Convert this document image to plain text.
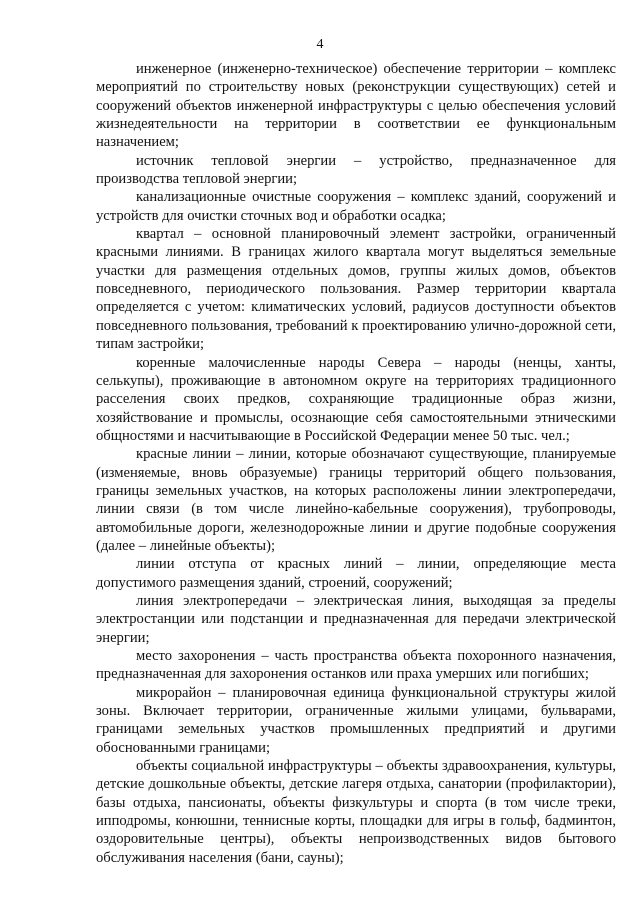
4

инженерное (инженерно-техническое) обеспечение территории – комплекс мероприятий по строительству новых (реконструкции существующих) сетей и сооружений объектов инженерной инфраструктуры с целью обеспечения условий жизнедеятельности на территории в соответствии ее функциональным назначением;

источник тепловой энергии – устройство, предназначенное для производства тепловой энергии;

канализационные очистные сооружения – комплекс зданий, сооружений и устройств для очистки сточных вод и обработки осадка;

квартал – основной планировочный элемент застройки, ограниченный красными линиями. В границах жилого квартала могут выделяться земельные участки для размещения отдельных домов, группы жилых домов, объектов повседневного, периодического пользования. Размер территории квартала определяется с учетом: климатических условий, радиусов доступности объектов повседневного пользования, требований к проектированию улично-дорожной сети, типам застройки;

коренные малочисленные народы Севера – народы (ненцы, ханты, селькупы), проживающие в автономном округе на территориях традиционного расселения своих предков, сохраняющие традиционные образ жизни, хозяйствование и промыслы, осознающие себя самостоятельными этническими общностями и насчитывающие в Российской Федерации менее 50 тыс. чел.;

красные линии – линии, которые обозначают существующие, планируемые (изменяемые, вновь образуемые) границы территорий общего пользования, границы земельных участков, на которых расположены линии электропередачи, линии связи (в том числе линейно-кабельные сооружения), трубопроводы, автомобильные дороги, железнодорожные линии и другие подобные сооружения (далее – линейные объекты);

линии отступа от красных линий – линии, определяющие места допустимого размещения зданий, строений, сооружений;

линия электропередачи – электрическая линия, выходящая за пределы электростанции или подстанции и предназначенная для передачи электрической энергии;

место захоронения – часть пространства объекта похоронного назначения, предназначенная для захоронения останков или праха умерших или погибших;

микрорайон – планировочная единица функциональной структуры жилой зоны. Включает территории, ограниченные жилыми улицами, бульварами, границами земельных участков промышленных предприятий и другими обоснованными границами;

объекты социальной инфраструктуры – объекты здравоохранения, культуры, детские дошкольные объекты, детские лагеря отдыха, санатории (профилактории), базы отдыха, пансионаты, объекты физкультуры и спорта (в том числе треки, ипподромы, конюшни, теннисные корты, площадки для игры в гольф, бадминтон, оздоровительные центры), объекты непроизводственных видов бытового обслуживания населения (бани, сауны);
